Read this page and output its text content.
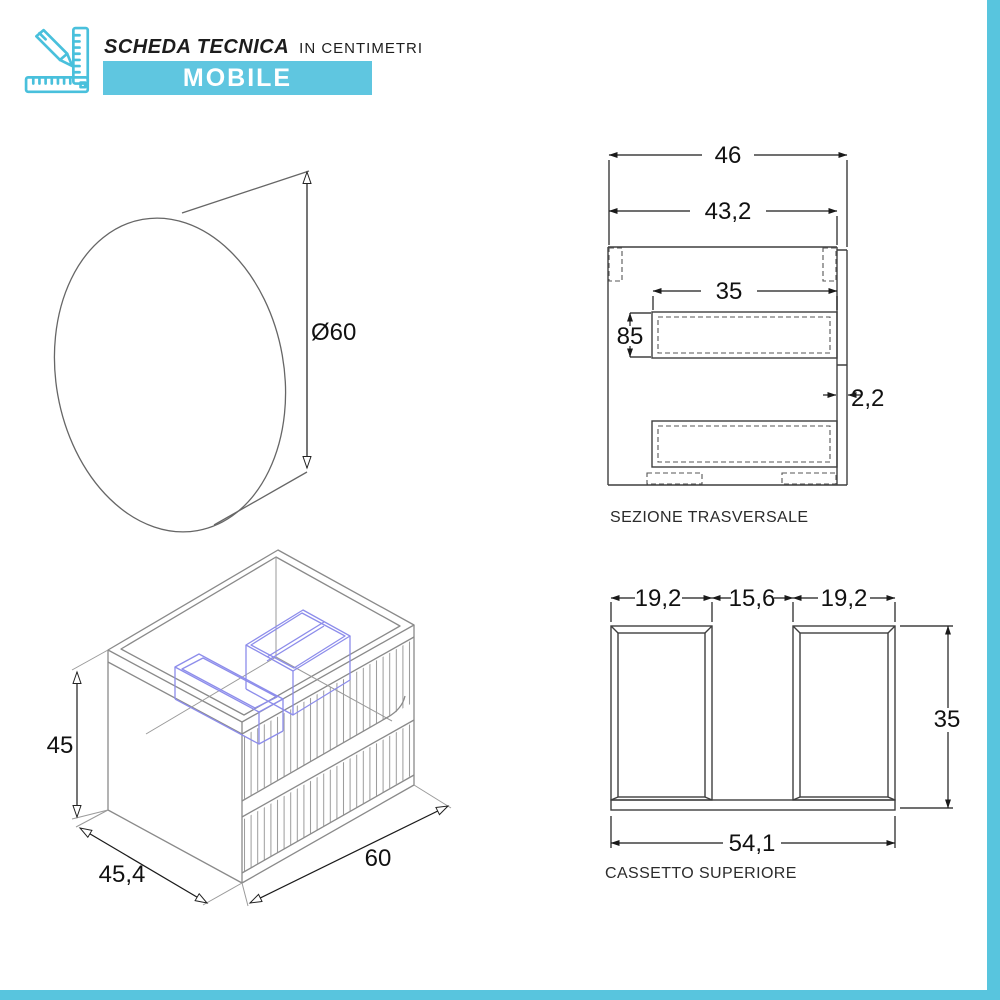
SCHEDA TECNICA IN CENTIMETRI
MOBILE
Ø60
46
43,2
35
85
2,2
SEZIONE TRASVERSALE
45
45,4
60
19,2 15,6 19,2
35
54,1
CASSETTO SUPERIORE
